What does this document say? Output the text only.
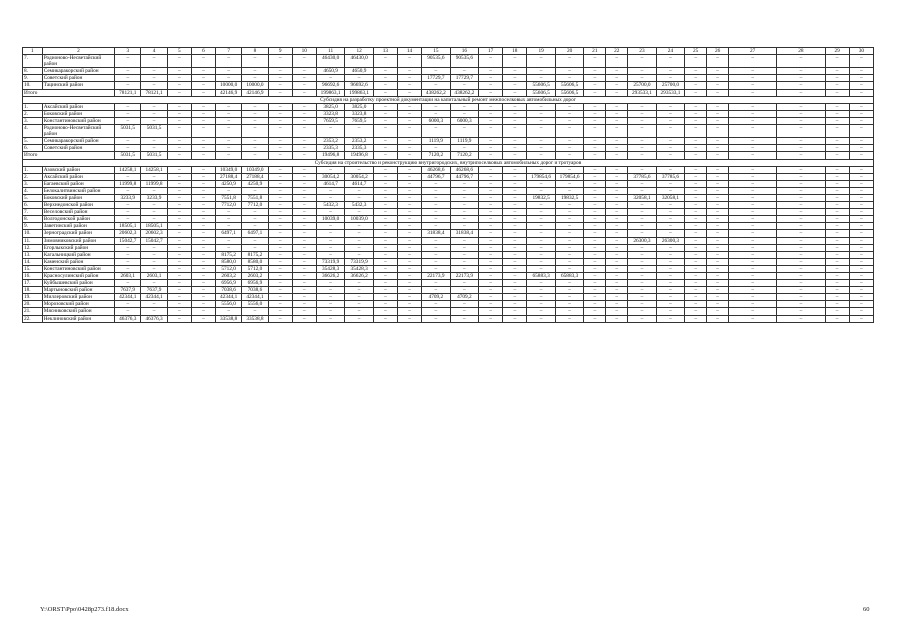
1	2	3	4	5	6	7	8	9	10	11	12	13	14	15	16	17	18	19	20	21	22	23	24	25	26	27	28	29	30
7.	Родионово-Несветайский район	–	–	–	–	–	–	–	–	46430,0	46430,0	–	–	90535,6	90535,6	–	–	–	–	–	–	–	–	–	–	–	–	–	–
8.	Семикаракорский район	–	–	–	–	–	–	–	–	4650,9	4650,9	–	–	–	–	–	–	–	–	–	–	–	–	–	–	–	–	–	–
9.	Советский район	–	–	–	–	–	–	–	–	–	–	–	–	17729,7	17729,7	–	–	–	–	–	–	–	–	–	–	–	–	–	–
10.	Тацинский район	–	–	–	–	10000,0	10000,0	–	–	96692,6	96692,6	–	–	–	–	–	–	55606,5	55606,5	–	–	25700,0	25700,0	–	–	–	–	–	–
Итого		78121,1	78121,1	–	–	42146,9	42146,9	–	–	199863,1	199863,1	–	–	438262,2	438262,2	–	–	55606,5	55606,5	–	–	293533,1	293533,1	–	–	–	–	–	–
Субсидия на разработку проектной документации на капитальный ремонт межпоселковых автомобильных дорог																													
1.	Аксайский район	–	–	–	–	–	–	–	–	3825,0	3825,0	–	–	–	–	–	–	–	–	–	–	–	–	–	–	–	–	–	–
2.	Боковский район	–	–	–	–	–	–	–	–	3323,8	3323,8	–	–	–	–	–	–	–	–	–	–	–	–	–	–	–	–	–	–
3.	Константиновский район	–	–	–	–	–	–	–	–	7659,5	7659,5	–	–	6000,3	6000,3	–	–	–	–	–	–	–	–	–	–	–	–	–	–
4.	Родионово-Несветайский район	5031,5	5031,5	–	–	–	–	–	–	–	–	–	–	–	–	–	–	–	–	–	–	–	–	–	–	–	–	–	–
5.	Семикаракорский район	–	–	–	–	–	–	–	–	2353,2	2353,2	–	–	1119,9	1119,9	–	–	–	–	–	–	–	–	–	–	–	–	–	–
6.	Советский район	–	–	–	–	–	–	–	–	2335,3	2335,3	–	–	–	–	–	–	–	–	–	–	–	–	–	–	–	–	–	–
Итого		5031,5	5031,5	–	–	–	–	–	–	19496,8	19496,8	–	–	7120,2	7120,2	–	–	–	–	–	–	–	–	–	–	–	–	–	–
Субсидия на строительство и реконструкцию внутригородских, внутрипоселковых автомобильных дорог и тротуаров																													
1.	Азовский район	14258,1	14258,1	–	–	10349,0	10349,0	–	–	–	–	–	–	46268,6	46268,6	–	–	–	–	–	–	–	–	–	–	–	–	–	–
2.	Аксайский район	–	–	–	–	27188,4	27188,4	–	–	30054,2	30054,2	–	–	44796,7	44796,7	–	–	179854,6	179854,6	–	–	37785,6	37785,6	–	–	–	–	–	–
3.	Багаевский район	11999,8	11999,8	–	–	4250,9	4250,9	–	–	4614,7	4614,7	–	–	–	–	–	–	–	–	–	–	–	–	–	–	–	–	–	–
4.	Белокалитвинский район	–	–	–	–	–	–	–	–	–	–	–	–	–	–	–	–	–	–	–	–	–	–	–	–	–	–	–	–
5.	Боковский район	3233,9	3233,9	–	–	7551,8	7551,8	–	–	–	–	–	–	–	–	–	–	19832,5	19832,5	–	–	32058,1	32058,1	–	–	–	–	–	–
6.	Верхнедонской район	–	–	–	–	7712,0	7712,0	–	–	5432,3	5432,3	–	–	–	–	–	–	–	–	–	–	–	–	–	–	–	–	–	–
7.	Веселовский район	–	–	–	–	–	–	–	–	–	–	–	–	–	–	–	–	–	–	–	–	–	–	–	–	–	–	–	–
8.	Волгодонской район	–	–	–	–	–	–	–	–	10039,0	10039,0	–	–	–	–	–	–	–	–	–	–	–	–	–	–	–	–	–	–
9.	Заветинский район	18505,1	18505,1	–	–	–	–	–	–	–	–	–	–	–	–	–	–	–	–	–	–	–	–	–	–	–	–	–	–
10.	Зерноградский район	20602,3	20602,3	–	–	6497,1	6497,1	–	–	–	–	–	–	31838,4	31838,4	–	–	–	–	–	–	–	–	–	–	–	–	–	–
11.	Зимовниковский район	15042,7	15042,7	–	–	–	–	–	–	–	–	–	–	–	–	–	–	–	–	–	–	26300,3	26300,3	–	–	–	–	–	–
12.	Егорлыкский район	–	–	–	–	–	–	–	–	–	–	–	–	–	–	–	–	–	–	–	–	–	–	–	–	–	–	–	–
13.	Кагальницкий район	–	–	–	–	8175,2	8175,2	–	–	–	–	–	–	–	–	–	–	–	–	–	–	–	–	–	–	–	–	–	–
14.	Каменский район	–	–	–	–	8580,0	8580,0	–	–	73319,9	73319,9	–	–	–	–	–	–	–	–	–	–	–	–	–	–	–	–	–	–
15.	Константиновский район	–	–	–	–	5712,0	5712,0	–	–	35428,3	35428,3	–	–	–	–	–	–	–	–	–	–	–	–	–	–	–	–	–	–
16.	Красносулинский район	2603,1	2603,1	–	–	2603,2	2603,2	–	–	36626,2	36626,2	–	–	22173,9	22173,9	–	–	65883,3	65883,3	–	–	–	–	–	–	–	–	–	–
17.	Куйбышевский район	–	–	–	–	6956,9	6956,9	–	–	–	–	–	–	–	–	–	–	–	–	–	–	–	–	–	–	–	–	–	–
18.	Мартыновский район	7637,9	7637,9	–	–	7038,6	7038,6	–	–	–	–	–	–	–	–	–	–	–	–	–	–	–	–	–	–	–	–	–	–
19.	Миллеровский район	42344,1	42344,1	–	–	42344,1	42344,1	–	–	–	–	–	–	4709,2	4709,2	–	–	–	–	–	–	–	–	–	–	–	–	–	–
20.	Морозовский район	–	–	–	–	5556,0	5556,0	–	–	–	–	–	–	–	–	–	–	–	–	–	–	–	–	–	–	–	–	–	–
21.	Мясниковский район	–	–	–	–	–	–	–	–	–	–	–	–	–	–	–	–	–	–	–	–	–	–	–	–	–	–	–	–
22.	Неклиновский район	46376,3	46376,3	–	–	33538,8	33538,8	–	–	–	–	–	–	–	–	–	–	–	–	–	–	–	–	–	–	–	–	–	–
Y:\ORST\Ppo\0428p273.f18.docx	60
